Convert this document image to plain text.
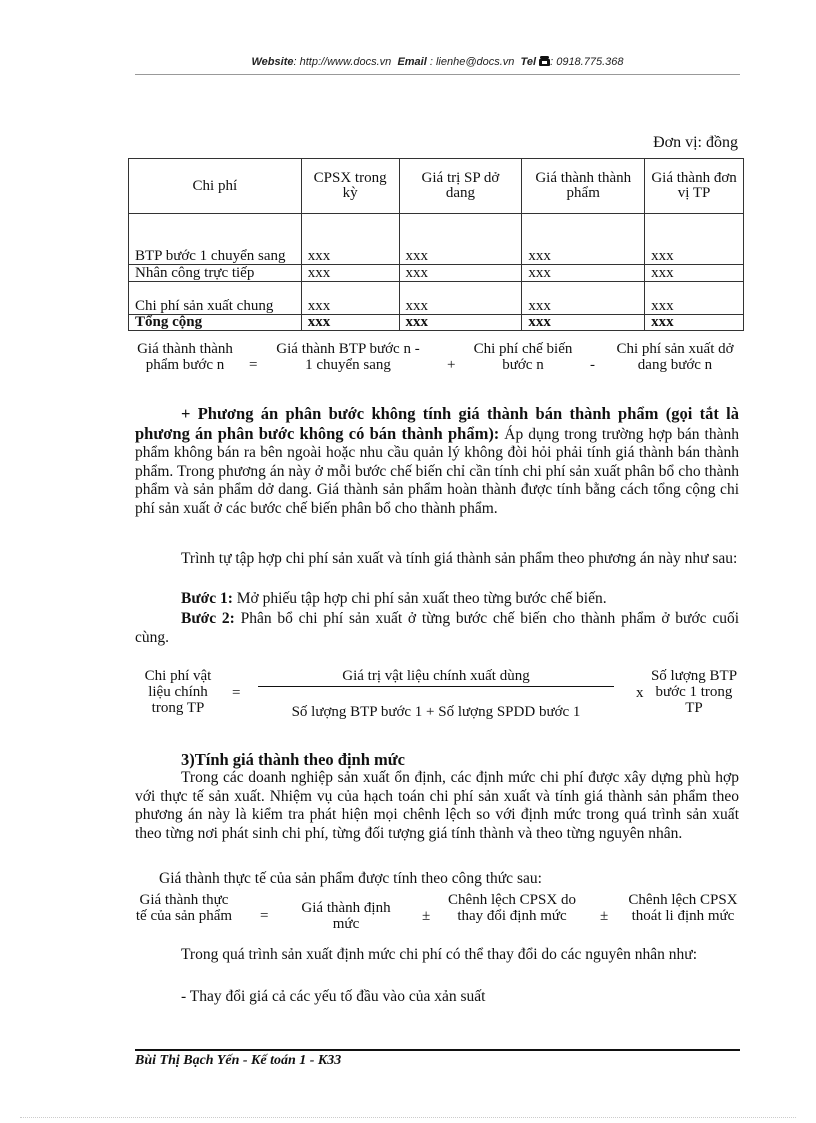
Website: http://www.docs.vn Email : lienhe@docs.vn Tel : 0918.775.368
Đơn vị: đồng
Chi phí	CPSX trong kỳ	Giá trị SP dở dang	Giá thành thành phẩm	Giá thành đơn vị TP
BTP bước 1 chuyển sang	xxx	xxx	xxx	xxx
Nhân công trực tiếp	xxx	xxx	xxx	xxx
Chi phí sản xuất chung	xxx	xxx	xxx	xxx
Tổng cộng	xxx	xxx	xxx	xxx
Giá thành thành phẩm bước n	=
Giá thành BTP bước n - 1 chuyển sang	+
Chi phí chế biến bước n	-
Chi phí sản xuất dở dang bước n
+ Phương án phân bước không tính giá thành bán thành phẩm (gọi tắt là phương án phân bước không có bán thành phẩm): Áp dụng trong trường hợp bán thành phẩm không bán ra bên ngoài hoặc nhu cầu quản lý không đòi hỏi phải tính giá thành bán thành phẩm. Trong phương án này ở mỗi bước chế biến chỉ cần tính chi phí sản xuất phân bổ cho thành phẩm và sản phẩm dở dang. Giá thành sản phẩm hoàn thành được tính bằng cách tổng cộng chi phí sản xuất ở các bước chế biến phân bổ cho thành phẩm.
Trình tự tập hợp chi phí sản xuất và tính giá thành sản phẩm theo phương án này như sau:
Bước 1: Mở phiếu tập hợp chi phí sản xuất theo từng bước chế biến.
Bước 2: Phân bổ chi phí sản xuất ở từng bước chế biến cho thành phẩm ở bước cuối cùng.
Chi phí vật liệu chính trong TP
=
Giá trị vật liệu chính xuất dùng
Số lượng BTP bước 1 + Số lượng SPDD bước 1
x
Số lượng BTP bước 1 trong TP
3)Tính giá thành theo định mức
Trong các doanh nghiệp sản xuất ổn định, các định mức chi phí được xây dựng phù hợp với thực tế sản xuất. Nhiệm vụ của hạch toán chi phí sản xuất và tính giá thành sản phẩm theo phương án này là kiểm tra phát hiện mọi chênh lệch so với định mức trong quá trình sản xuất theo từng nơi phát sinh chi phí, từng đối tượng giá tính thành và theo từng nguyên nhân.
Giá thành thực tế của sản phẩm được tính theo công thức sau:
Giá thành thực tế của sản phẩm =	Giá thành định mức	±
Chênh lệch CPSX do thay đổi định mức	±
Chênh lệch CPSX thoát li định mức
Trong quá trình sản xuất định mức chi phí có thể thay đổi do các nguyên nhân như:
- Thay đổi giá cả các yếu tố đầu vào của xản suất
Bùi Thị Bạch Yến - Kế toán 1 - K33
